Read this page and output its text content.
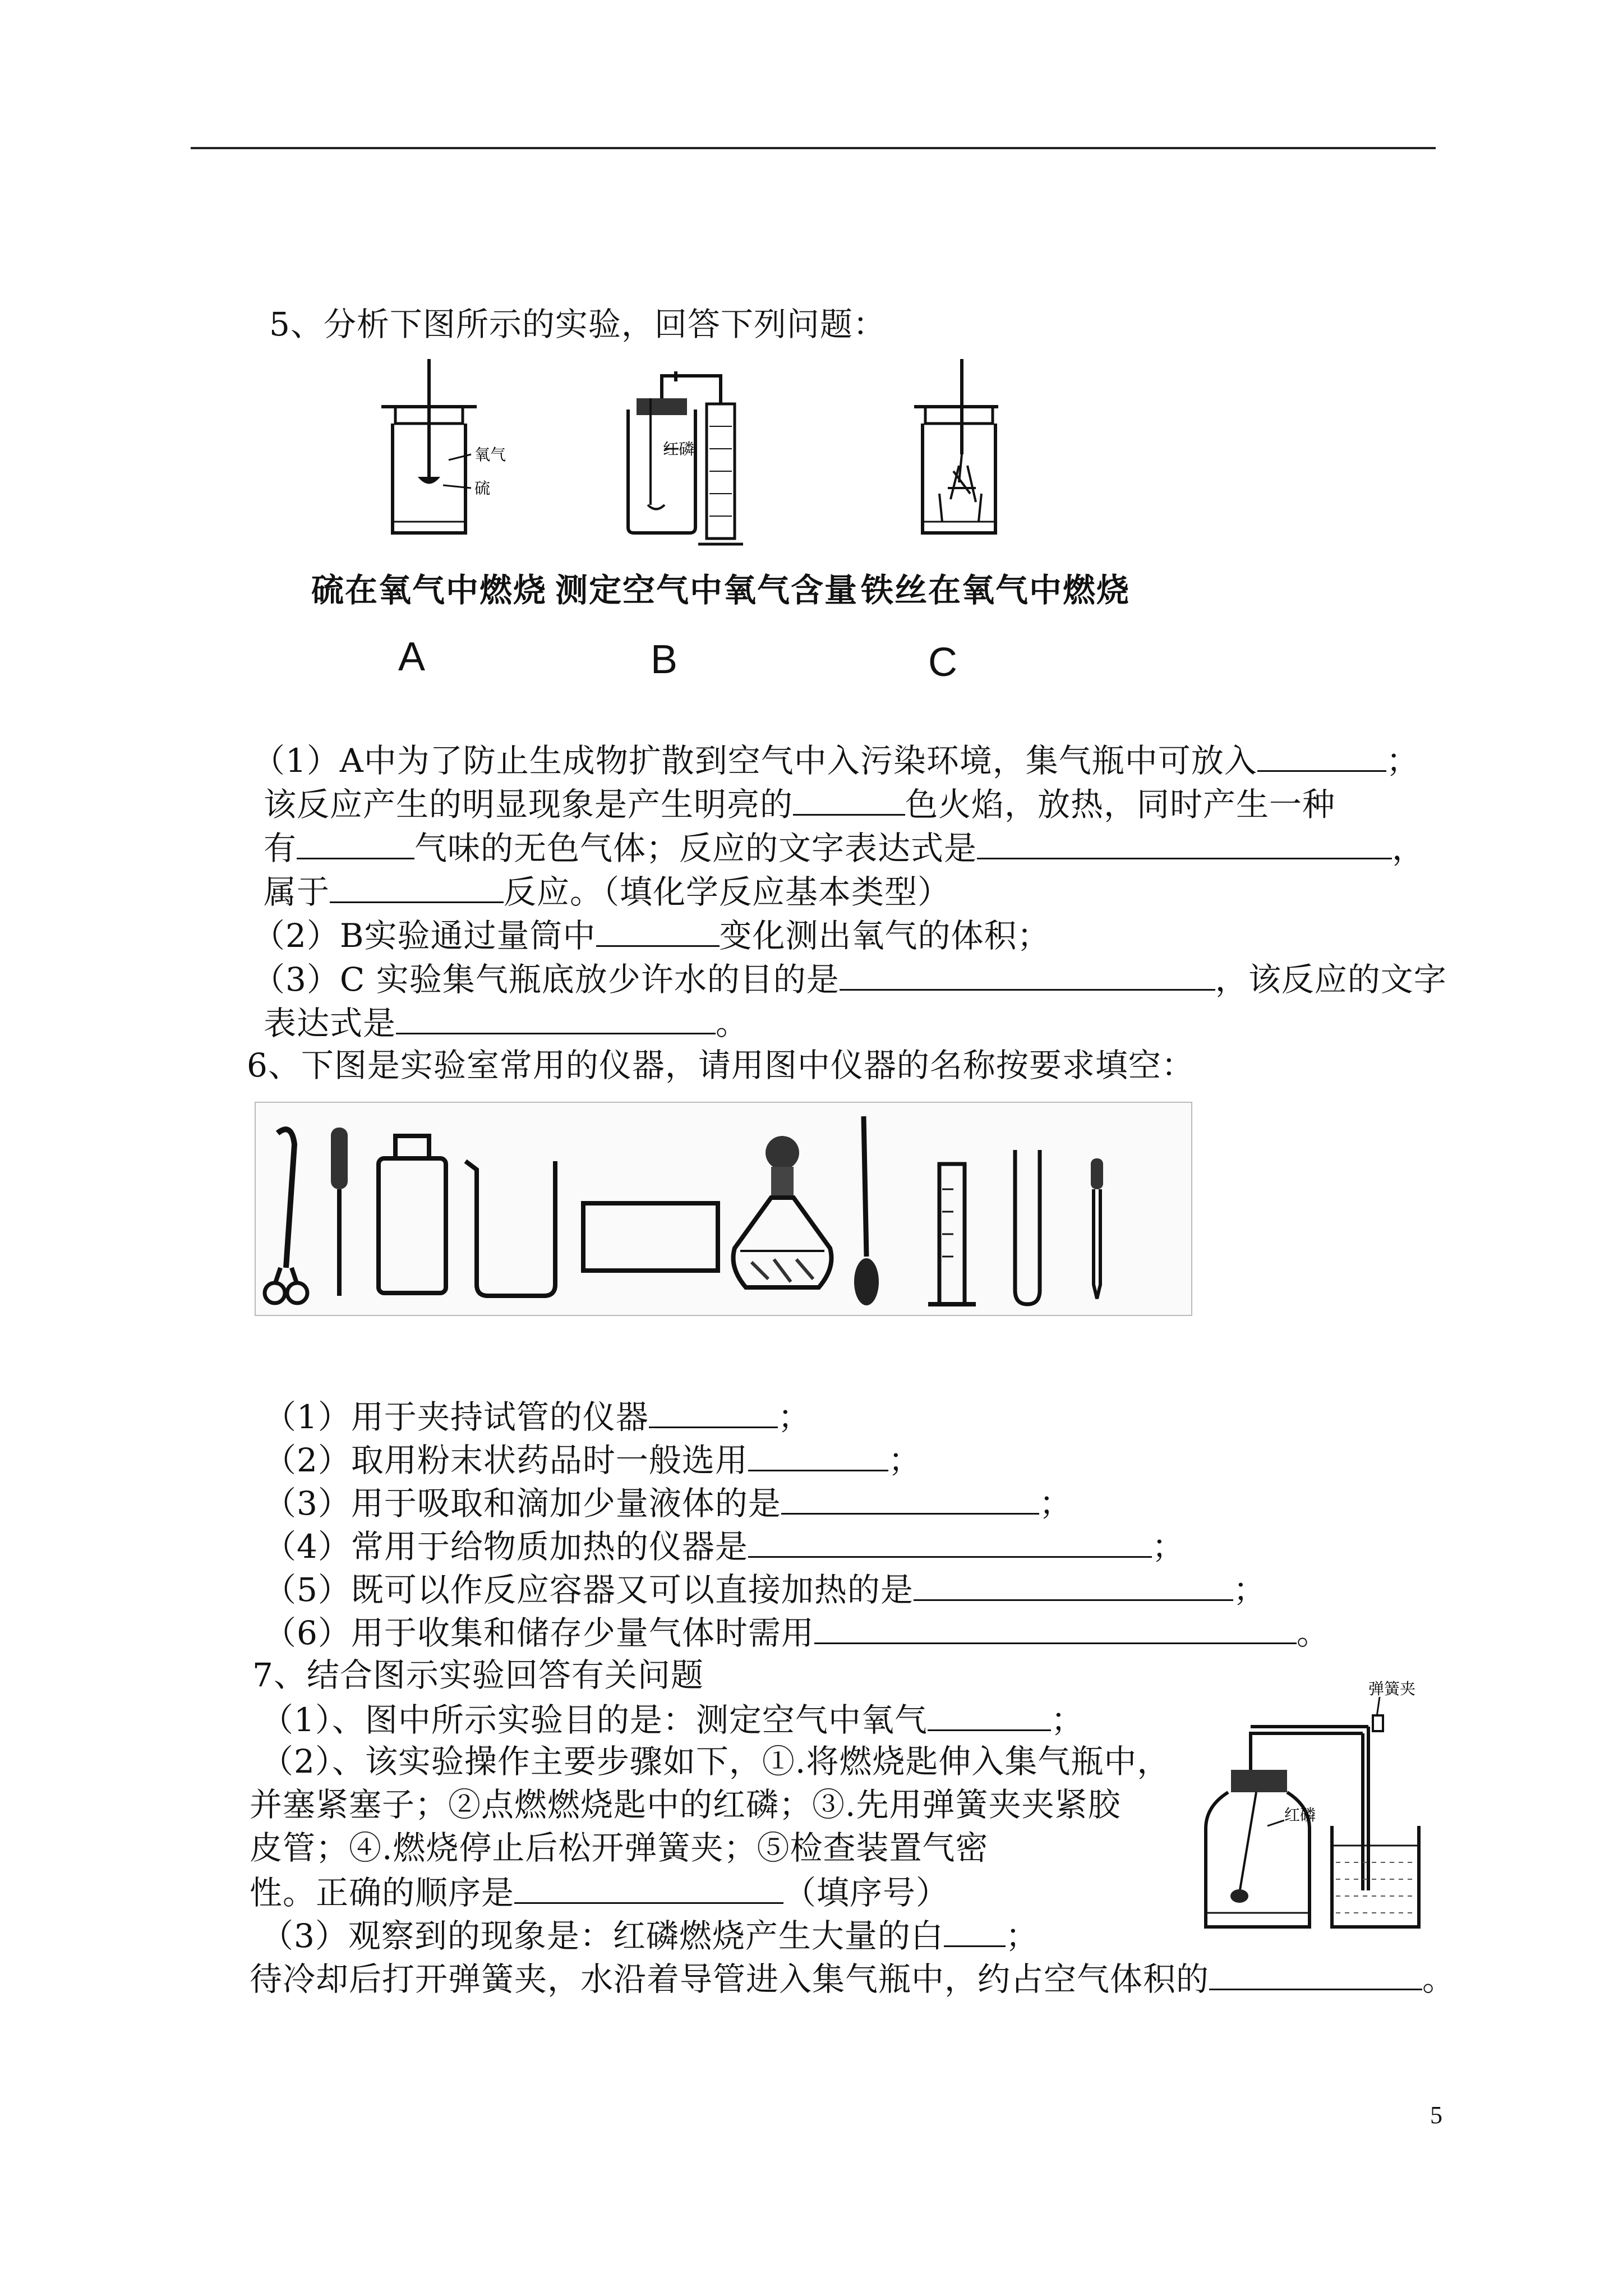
5、分析下图所示的实验，回答下列问题：
氧气
硫
红磷
硫在氧气中燃烧 测定空气中氧气含量 铁丝在氧气中燃烧
A	B	C
（1）A中为了防止生成物扩散到空气中入污染环境，集气瓶中可放入	；
该反应产生的明显现象是产生明亮的	色火焰，放热，同时产生一种
有	气味的无色气体；反应的文字表达式是	，
属于	反应。（填化学反应基本类型）
（2）B实验通过量筒中	变化测出氧气的体积；
（3）C 实验集气瓶底放少许水的目的是	，该反应的文字
表达式是	。
6、下图是实验室常用的仪器，请用图中仪器的名称按要求填空：
（1）用于夹持试管的仪器	；
（2）取用粉末状药品时一般选用	；
（3）用于吸取和滴加少量液体的是	；
（4）常用于给物质加热的仪器是	；
（5）既可以作反应容器又可以直接加热的是	；
（6）用于收集和储存少量气体时需用	。
7、结合图示实验回答有关问题
（1）、图中所示实验目的是：测定空气中氧气	；
（2）、该实验操作主要步骤如下，①.将燃烧匙伸入集气瓶中，
并塞紧塞子；②点燃燃烧匙中的红磷；③.先用弹簧夹夹紧胶
皮管；④.燃烧停止后松开弹簧夹；⑤检查装置气密
性。正确的顺序是	（填序号）
（3）观察到的现象是：红磷燃烧产生大量的白 ；
待冷却后打开弹簧夹，水沿着导管进入集气瓶中，约占空气体积的	。
弹簧夹
红磷
5
